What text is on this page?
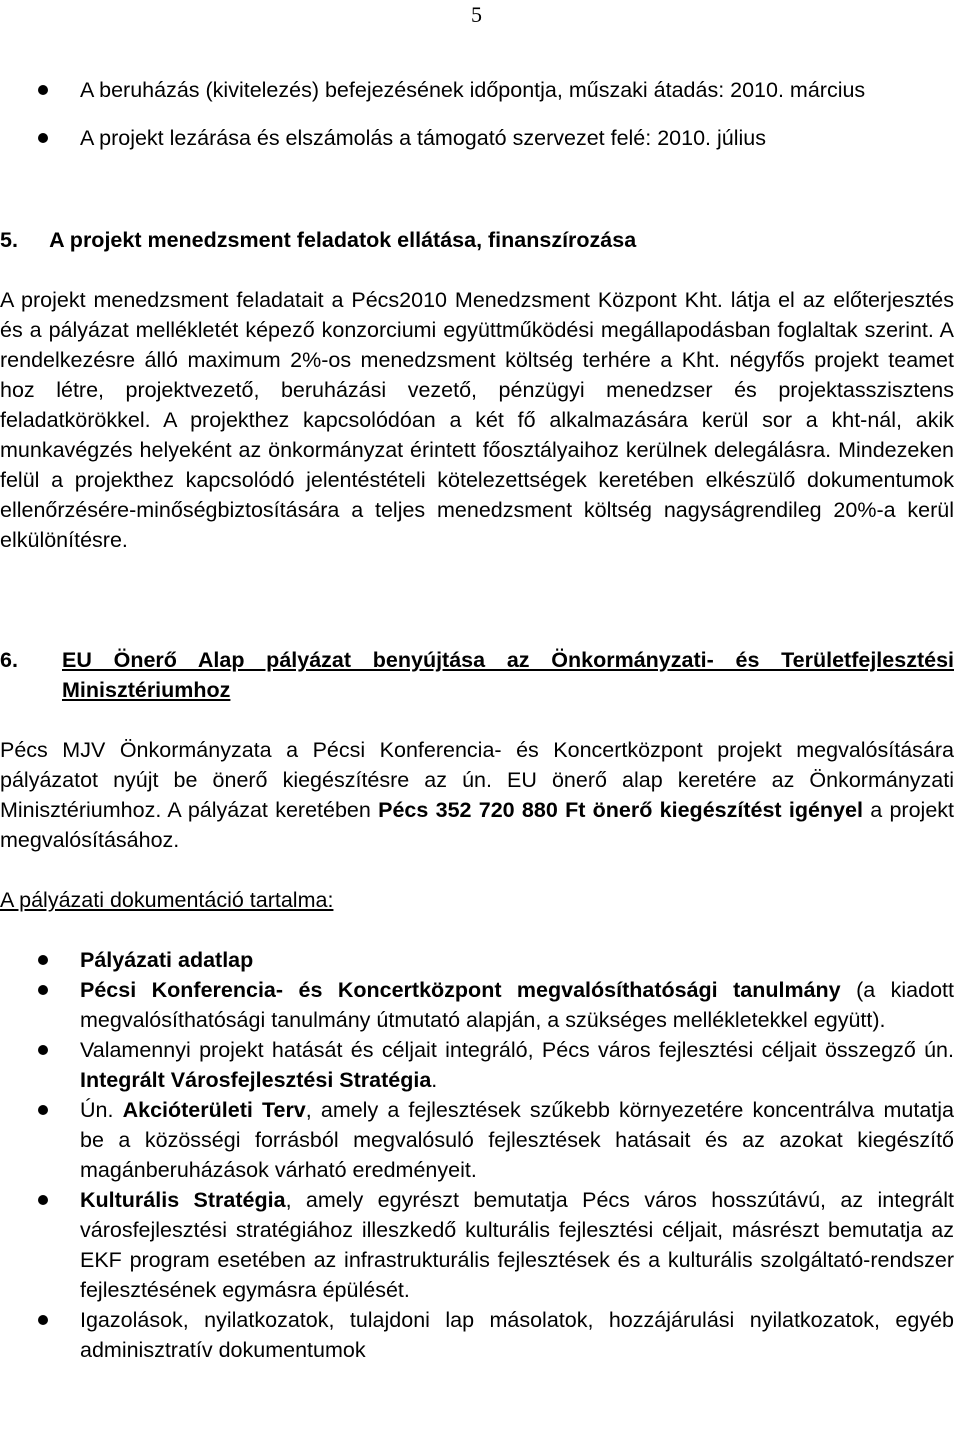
5
A beruházás (kivitelezés) befejezésének időpontja, műszaki átadás: 2010. március
A projekt lezárása és elszámolás a támogató szervezet felé: 2010. július
5. A projekt menedzsment feladatok ellátása, finanszírozása
A projekt menedzsment feladatait a Pécs2010 Menedzsment Központ Kht. látja el az előterjesztés és a pályázat mellékletét képező konzorciumi együttműködési megállapodásban foglaltak szerint. A rendelkezésre álló maximum 2%-os menedzsment költség terhére a Kht. négyfős projekt teamet hoz létre, projektvezető, beruházási vezető, pénzügyi menedzser és projektasszisztens feladatkörökkel. A projekthez kapcsolódóan a két fő alkalmazására kerül sor a kht-nál, akik munkavégzés helyeként az önkormányzat érintett főosztályaihoz kerülnek delegálásra. Mindezeken felül a projekthez kapcsolódó jelentéstételi kötelezettségek keretében elkészülő dokumentumok ellenőrzésére-minőségbiztosítására a teljes menedzsment költség nagyságrendileg 20%-a kerül elkülönítésre.
6.	EU Önerő Alap pályázat benyújtása az Önkormányzati- és Területfejlesztési Minisztériumhoz
Pécs MJV Önkormányzata a Pécsi Konferencia- és Koncertközpont projekt megvalósítására pályázatot nyújt be önerő kiegészítésre az ún. EU önerő alap keretére az Önkormányzati Minisztériumhoz. A pályázat keretében Pécs 352 720 880 Ft önerő kiegészítést igényel a projekt megvalósításához.
A pályázati dokumentáció tartalma:
Pályázati adatlap
Pécsi Konferencia- és Koncertközpont megvalósíthatósági tanulmány (a kiadott megvalósíthatósági tanulmány útmutató alapján, a szükséges mellékletekkel együtt).
Valamennyi projekt hatását és céljait integráló, Pécs város fejlesztési céljait összegző ún. Integrált Városfejlesztési Stratégia.
Ún. Akcióterületi Terv, amely a fejlesztések szűkebb környezetére koncentrálva mutatja be a közösségi forrásból megvalósuló fejlesztések hatásait és az azokat kiegészítő magánberuházások várható eredményeit.
Kulturális Stratégia, amely egyrészt bemutatja Pécs város hosszútávú, az integrált városfejlesztési stratégiához illeszkedő kulturális fejlesztési céljait, másrészt bemutatja az EKF program esetében az infrastrukturális fejlesztések és a kulturális szolgáltató-rendszer fejlesztésének egymásra épülését.
Igazolások, nyilatkozatok, tulajdoni lap másolatok, hozzájárulási nyilatkozatok, egyéb adminisztratív dokumentumok
